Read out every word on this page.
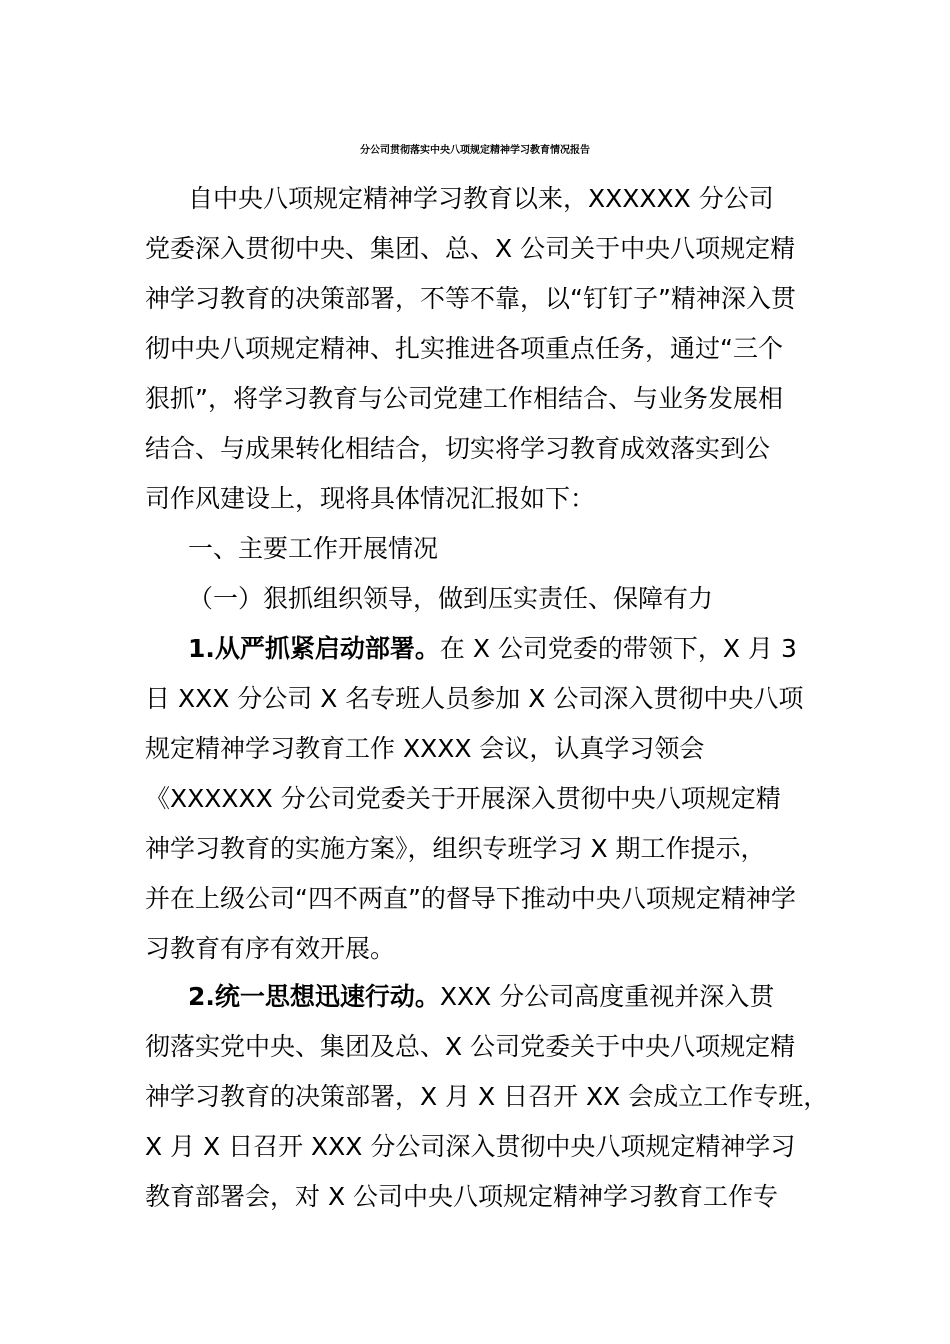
分公司贯彻落实中央八项规定精神学习教育情况报告
自中央八项规定精神学习教育以来，XXXXXX 分公司
党委深入贯彻中央、集团、总、X 公司关于中央八项规定精
神学习教育的决策部署，不等不靠，以“钉钉子”精神深入贯
彻中央八项规定精神、扎实推进各项重点任务，通过“三个
狠抓”，将学习教育与公司党建工作相结合、与业务发展相
结合、与成果转化相结合，切实将学习教育成效落实到公
司作风建设上，现将具体情况汇报如下：
一、主要工作开展情况
（一）狠抓组织领导，做到压实责任、保障有力
1.从严抓紧启动部署。在 X 公司党委的带领下，X 月 3
日 XXX 分公司 X 名专班人员参加 X 公司深入贯彻中央八项
规定精神学习教育工作 XXXX 会议，认真学习领会
《XXXXXX 分公司党委关于开展深入贯彻中央八项规定精
神学习教育的实施方案》，组织专班学习 X 期工作提示，
并在上级公司“四不两直”的督导下推动中央八项规定精神学
习教育有序有效开展。
2.统一思想迅速行动。XXX 分公司高度重视并深入贯
彻落实党中央、集团及总、X 公司党委关于中央八项规定精
神学习教育的决策部署，X 月 X 日召开 XX 会成立工作专班，
X 月 X 日召开 XXX 分公司深入贯彻中央八项规定精神学习
教育部署会，对 X 公司中央八项规定精神学习教育工作专
